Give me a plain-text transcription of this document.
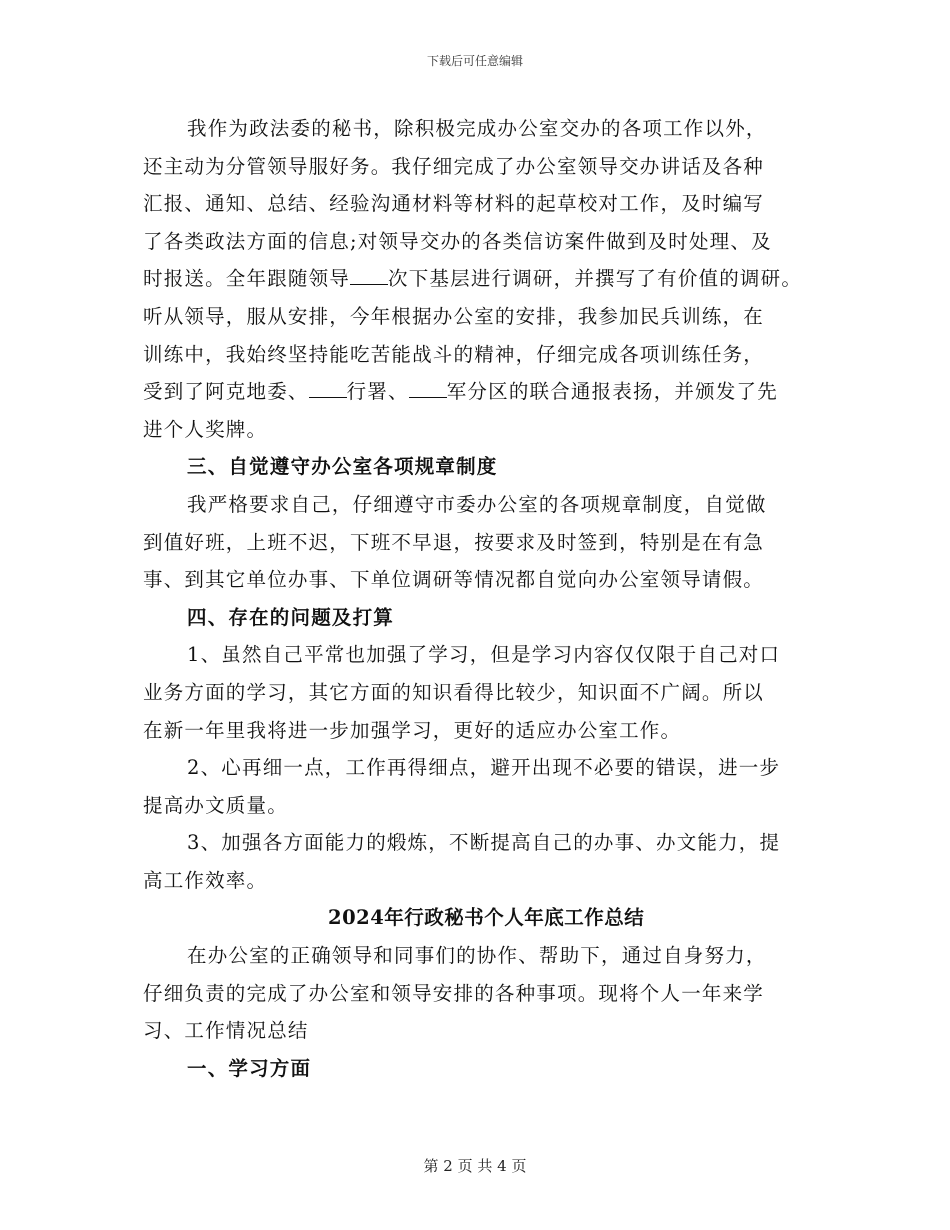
下载后可任意编辑
我作为政法委的秘书，除积极完成办公室交办的各项工作以外，
还主动为分管领导服好务。我仔细完成了办公室领导交办讲话及各种
汇报、通知、总结、经验沟通材料等材料的起草校对工作，及时编写
了各类政法方面的信息;对领导交办的各类信访案件做到及时处理、及
时报送。全年跟随领导 次下基层进行调研，并撰写了有价值的调研。
听从领导，服从安排，今年根据办公室的安排，我参加民兵训练，在
训练中，我始终坚持能吃苦能战斗的精神，仔细完成各项训练任务，
受到了阿克地委、 行署、 军分区的联合通报表扬，并颁发了先
进个人奖牌。
三、自觉遵守办公室各项规章制度
我严格要求自己，仔细遵守市委办公室的各项规章制度，自觉做
到值好班，上班不迟，下班不早退，按要求及时签到，特别是在有急
事、到其它单位办事、下单位调研等情况都自觉向办公室领导请假。
四、存在的问题及打算
1、虽然自己平常也加强了学习，但是学习内容仅仅限于自己对口
业务方面的学习，其它方面的知识看得比较少，知识面不广阔。所以
在新一年里我将进一步加强学习，更好的适应办公室工作。
2、心再细一点，工作再得细点，避开出现不必要的错误，进一步
提高办文质量。
3、加强各方面能力的煅炼，不断提高自己的办事、办文能力，提
高工作效率。
2024年行政秘书个人年底工作总结
在办公室的正确领导和同事们的协作、帮助下，通过自身努力，
仔细负责的完成了办公室和领导安排的各种事项。现将个人一年来学
习、工作情况总结
一、学习方面
第 2 页 共 4 页
